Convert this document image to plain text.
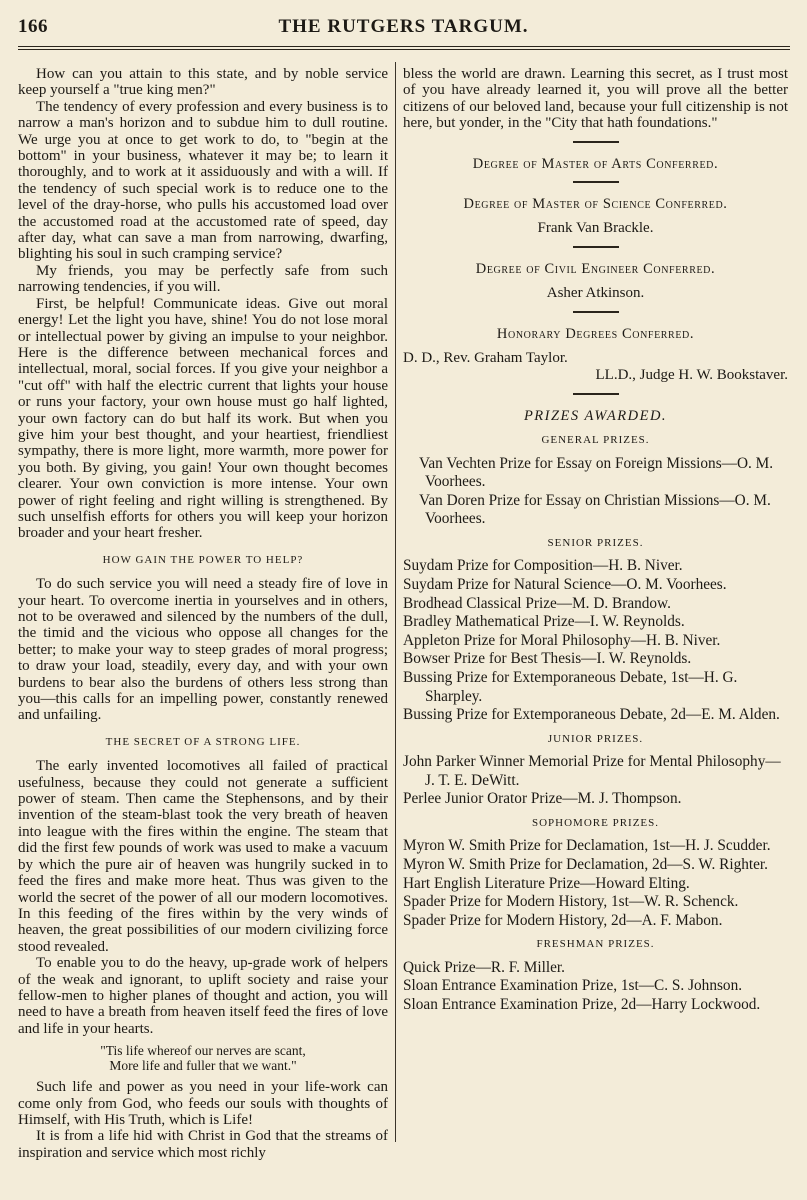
166	THE RUTGERS TARGUM.

How can you attain to this state, and by noble service keep yourself a "true king men?"

The tendency of every profession and every business is to narrow a man's horizon and to subdue him to dull routine. We urge you at once to get work to do, to "begin at the bottom" in your business, whatever it may be; to learn it thoroughly, and to work at it assiduously and with a will. If the tendency of such special work is to reduce one to the level of the dray-horse, who pulls his accustomed load over the accustomed road at the accustomed rate of speed, day after day, what can save a man from narrowing, dwarfing, blighting his soul in such cramping service?

My friends, you may be perfectly safe from such narrowing tendencies, if you will.

First, be helpful! Communicate ideas. Give out moral energy! Let the light you have, shine! You do not lose moral or intellectual power by giving an impulse to your neighbor. Here is the difference between mechanical forces and intellectual, moral, social forces. If you give your neighbor a "cut off" with half the electric current that lights your house or runs your factory, your own house must go half lighted, your own factory can do but half its work. But when you give him your best thought, and your heartiest, friendliest sympathy, there is more light, more warmth, more power for you both. By giving, you gain! Your own thought becomes clearer. Your own conviction is more intense. Your own power of right feeling and right willing is strengthened. By such unselfish efforts for others you will keep your horizon broader and your heart fresher.

HOW GAIN THE POWER TO HELP?

To do such service you will need a steady fire of love in your heart. To overcome inertia in yourselves and in others, not to be overawed and silenced by the numbers of the dull, the timid and the vicious who oppose all changes for the better; to make your way to steep grades of moral progress; to draw your load, steadily, every day, and with your own burdens to bear also the burdens of others less strong than you—this calls for an impelling power, constantly renewed and unfailing.

THE SECRET OF A STRONG LIFE.

The early invented locomotives all failed of practical usefulness, because they could not generate a sufficient power of steam. Then came the Stephensons, and by their invention of the steam-blast took the very breath of heaven into league with the fires within the engine. The steam that did the first few pounds of work was used to make a vacuum by which the pure air of heaven was hungrily sucked in to feed the fires and make more heat. Thus was given to the world the secret of the power of all our modern locomotives. In this feeding of the fires within by the very winds of heaven, the great possibilities of our modern civilizing force stood revealed.

To enable you to do the heavy, up-grade work of helpers of the weak and ignorant, to uplift society and raise your fellow-men to higher planes of thought and action, you will need to have a breath from heaven itself feed the fires of love and life in your hearts.

"Tis life whereof our nerves are scant,
More life and fuller that we want."

Such life and power as you need in your life-work can come only from God, who feeds our souls with thoughts of Himself, with His Truth, which is Life!

It is from a life hid with Christ in God that the streams of inspiration and service which most richly

bless the world are drawn. Learning this secret, as I trust most of you have already learned it, you will prove all the better citizens of our beloved land, because your full citizenship is not here, but yonder, in the "City that hath foundations."

Degree of Master of Arts Conferred.
Degree of Master of Science Conferred.
Frank Van Brackle.
Degree of Civil Engineer Conferred.
Asher Atkinson.
Honorary Degrees Conferred.
D. D., Rev. Graham Taylor.
LL.D., Judge H. W. Bookstaver.
PRIZES AWARDED.
GENERAL PRIZES.
Van Vechten Prize for Essay on Foreign Missions—O. M. Voorhees.
Van Doren Prize for Essay on Christian Missions—O. M. Voorhees.
SENIOR PRIZES.
Suydam Prize for Composition—H. B. Niver.
Suydam Prize for Natural Science—O. M. Voorhees.
Brodhead Classical Prize—M. D. Brandow.
Bradley Mathematical Prize—I. W. Reynolds.
Appleton Prize for Moral Philosophy—H. B. Niver.
Bowser Prize for Best Thesis—I. W. Reynolds.
Bussing Prize for Extemporaneous Debate, 1st—H. G. Sharpley.
Bussing Prize for Extemporaneous Debate, 2d—E. M. Alden.
JUNIOR PRIZES.
John Parker Winner Memorial Prize for Mental Philosophy—J. T. E. DeWitt.
Perlee Junior Orator Prize—M. J. Thompson.
SOPHOMORE PRIZES.
Myron W. Smith Prize for Declamation, 1st—H. J. Scudder.
Myron W. Smith Prize for Declamation, 2d—S. W. Righter.
Hart English Literature Prize—Howard Elting.
Spader Prize for Modern History, 1st—W. R. Schenck.
Spader Prize for Modern History, 2d—A. F. Mabon.
FRESHMAN PRIZES.
Quick Prize—R. F. Miller.
Sloan Entrance Examination Prize, 1st—C. S. Johnson.
Sloan Entrance Examination Prize, 2d—Harry Lockwood.
